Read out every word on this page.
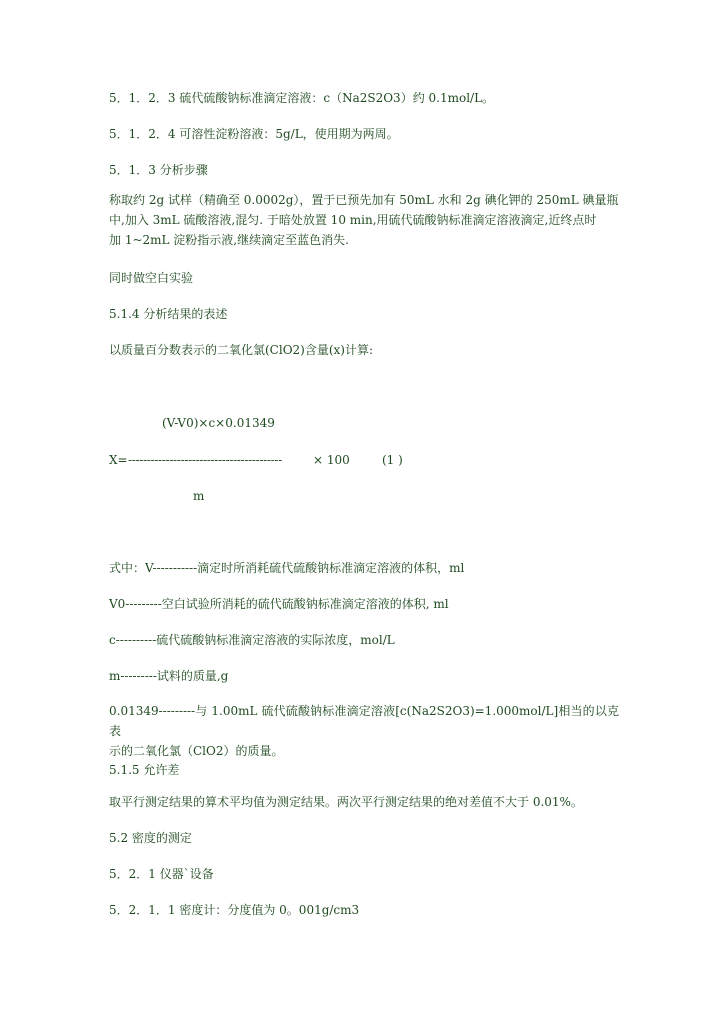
5．1．2．3 硫代硫酸钠标准滴定溶液：c（Na2S2O3）约 0.1mol/L。

5．1．2．4 可溶性淀粉溶液：5g/L，使用期为两周。

5．1．3 分析步骤

称取约 2g 试样（精确至 0.0002g），置于已预先加有 50mL 水和 2g 碘化钾的 250mL 碘量瓶
中,加入 3mL 硫酸溶液,混匀. 于暗处放置 10 min,用硫代硫酸钠标准滴定溶液滴定,近终点时
加 1~2mL 淀粉指示液,继续滴定至蓝色消失.

同时做空白实验

5.1.4 分析结果的表述

以质量百分数表示的二氧化氯(ClO2)含量(x)计算:

(V-V0)×c×0.01349
X= -----------------------------------------	× 100	(1 )
m

式中：V-----------滴定时所消耗硫代硫酸钠标准滴定溶液的体积，ml

V0---------空白试验所消耗的硫代硫酸钠标准滴定溶液的体积, ml

c----------硫代硫酸钠标准滴定溶液的实际浓度，mol/L

m---------试料的质量,g

0.01349---------与 1.00mL 硫代硫酸钠标准滴定溶液[c(Na2S2O3)=1.000mol/L]相当的以克表
示的二氧化氯（ClO2）的质量。

5.1.5 允许差

取平行测定结果的算术平均值为测定结果。两次平行测定结果的绝对差值不大于 0.01%。

5.2 密度的测定

5．2．1 仪器`设备

5．2．1．1 密度计：分度值为 0。001g/cm3
